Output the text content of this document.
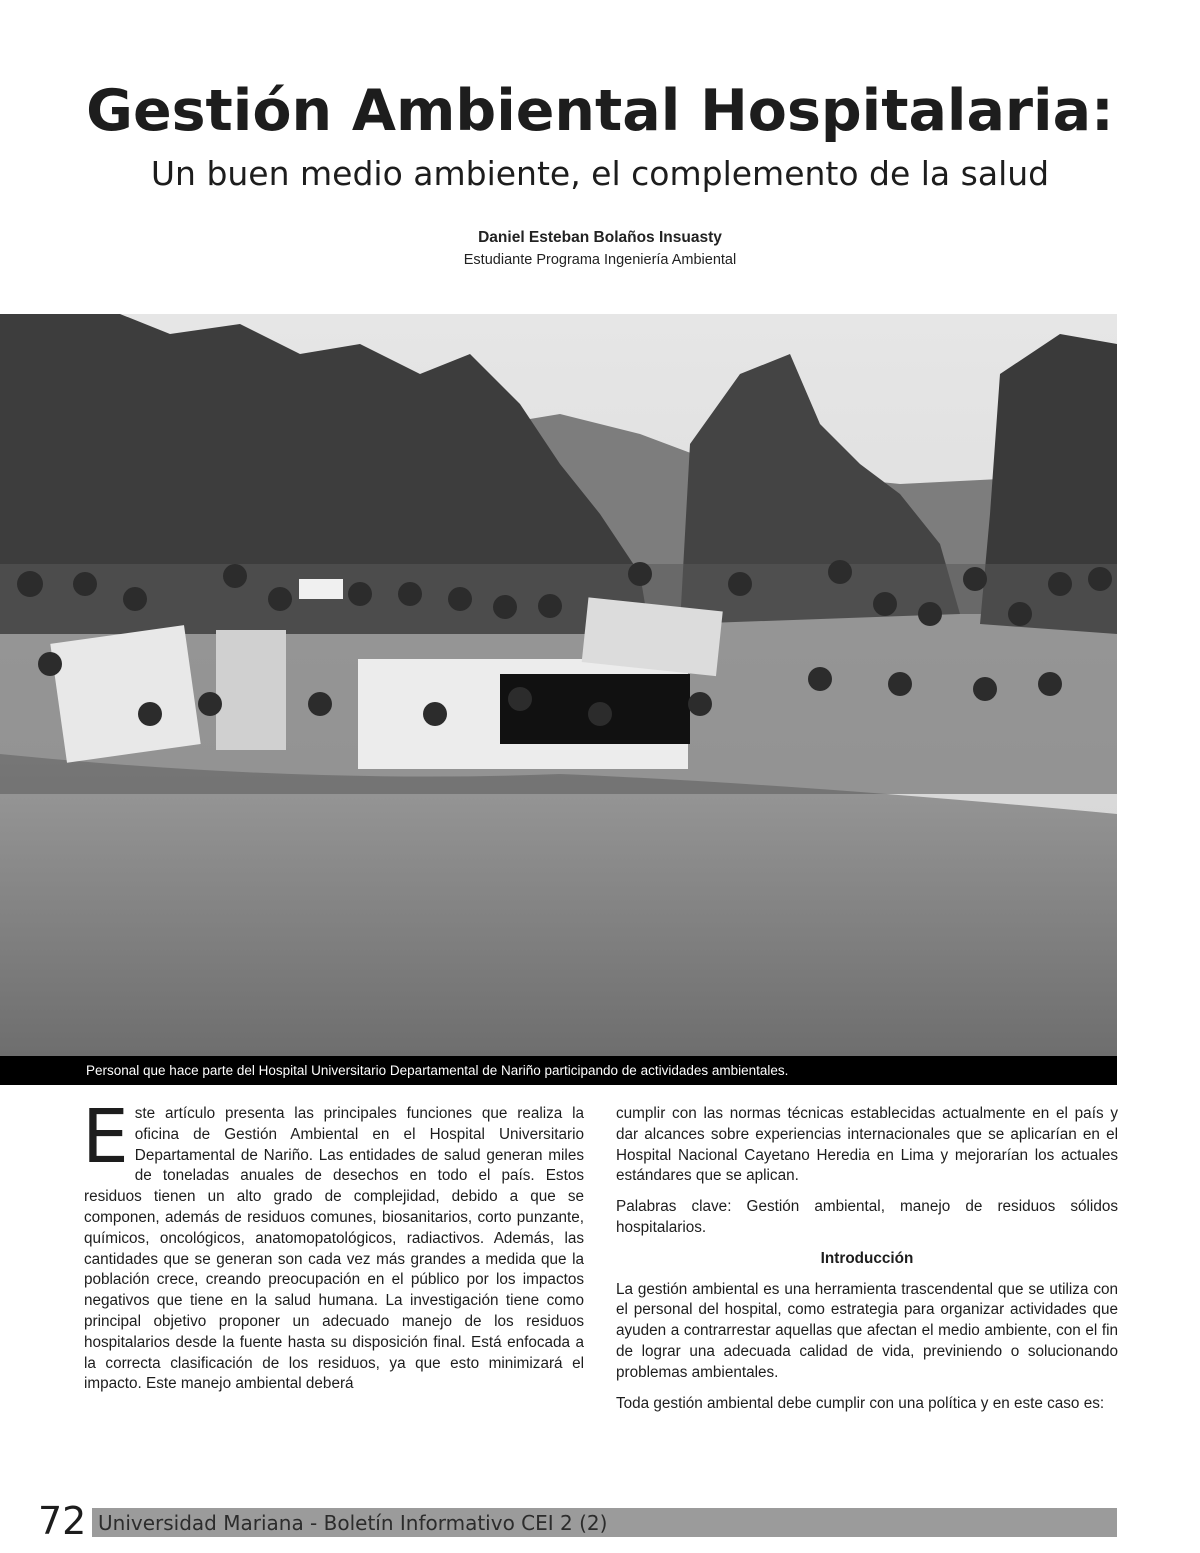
Gestión Ambiental Hospitalaria:
Un buen medio ambiente, el complemento de la salud
Daniel Esteban Bolaños Insuasty
Estudiante Programa Ingeniería Ambiental
Personal que hace parte del Hospital Universitario Departamental de Nariño participando de actividades ambientales.

Este artículo presenta las principales funciones que realiza la oficina de Gestión Ambiental en el Hospital Universitario Departamental de Nariño. Las entidades de salud generan miles de toneladas anuales de desechos en todo el país. Estos residuos tienen un alto grado de complejidad, debido a que se componen, además de residuos comunes, biosanitarios, corto punzante, químicos, oncológicos, anatomopatológicos, radiactivos. Además, las cantidades que se generan son cada vez más grandes a medida que la población crece, creando preocupación en el público por los impactos negativos que tiene en la salud humana. La investigación tiene como principal objetivo proponer un adecuado manejo de los residuos hospitalarios desde la fuente hasta su disposición final. Está enfocada a la correcta clasificación de los residuos, ya que esto minimizará el impacto. Este manejo ambiental deberá

cumplir con las normas técnicas establecidas actualmente en el país y dar alcances sobre experiencias internacionales que se aplicarían en el Hospital Nacional Cayetano Heredia en Lima y mejorarían los actuales estándares que se aplican.

Palabras clave: Gestión ambiental, manejo de residuos sólidos hospitalarios.

Introducción

La gestión ambiental es una herramienta trascendental que se utiliza con el personal del hospital, como estrategia para organizar actividades que ayuden a contrarrestar aquellas que afectan el medio ambiente, con el fin de lograr una adecuada calidad de vida, previniendo o solucionando problemas ambientales.

Toda gestión ambiental debe cumplir con una política y en este caso es:

72 Universidad Mariana - Boletín Informativo CEI 2 (2)
